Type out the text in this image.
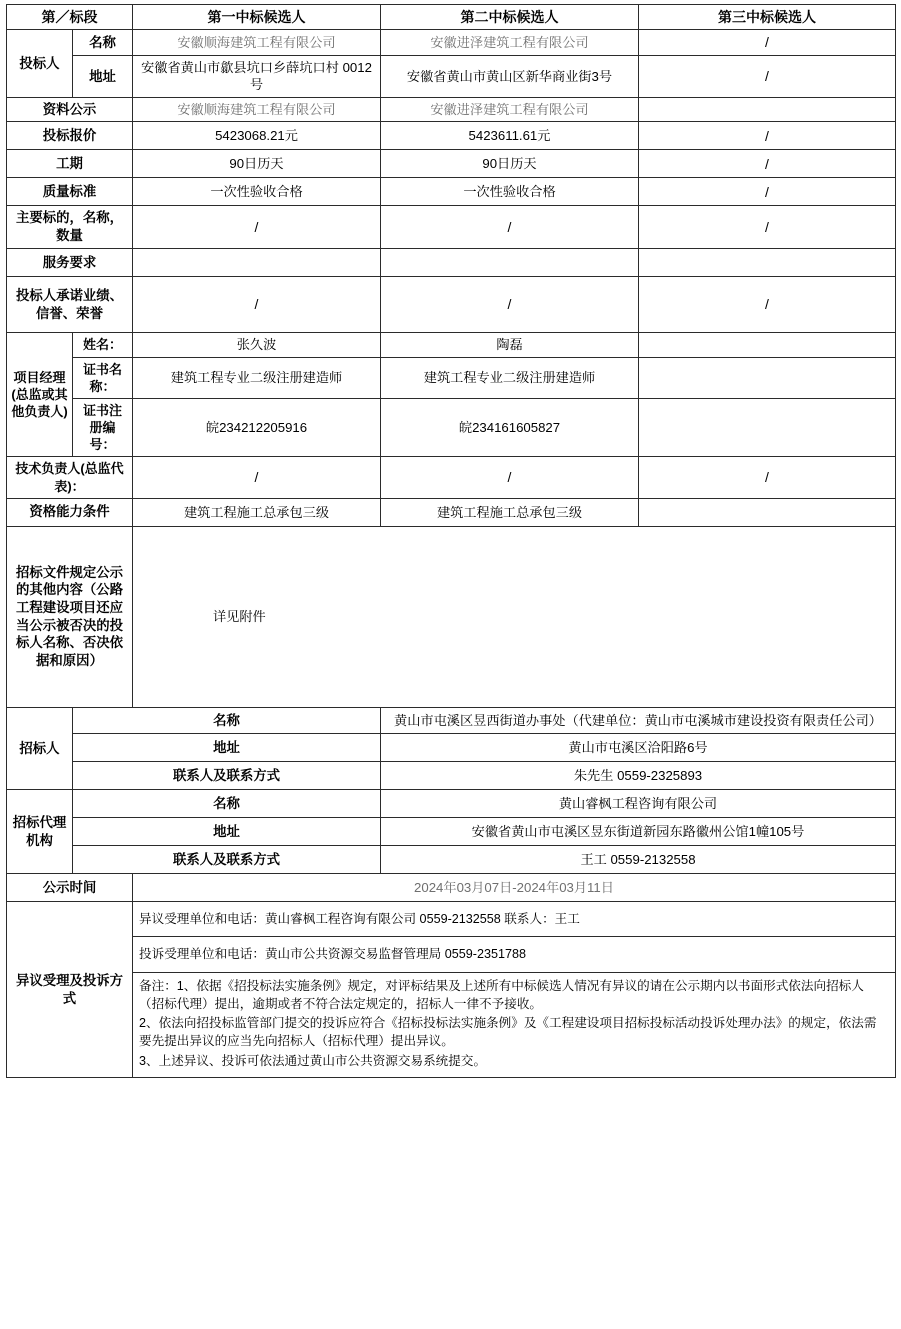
第／标段		第一中标候选人	第二中标候选人	第三中标候选人
投标人	名称	安徽顺海建筑工程有限公司	安徽进泽建筑工程有限公司	/
	地址	安徽省黄山市歙县坑口乡薛坑口村 0012 号	安徽省黄山市黄山区新华商业街3号	/
资料公示		安徽顺海建筑工程有限公司	安徽进泽建筑工程有限公司	
投标报价		5423068.21元	5423611.61元	/
工期		90日历天	90日历天	/
质量标准		一次性验收合格	一次性验收合格	/
主要标的，名称，数量		/	/	/
服务要求				
投标人承诺业绩、信誉、荣誉		/	/	/
项目经理(总监或其他负责人)	姓名：	张久波	陶磊	
	证书名称：	建筑工程专业二级注册建造师	建筑工程专业二级注册建造师	
	证书注册编号：	皖234212205916	皖234161605827	
技术负责人(总监代表)：		/	/	/
资格能力条件		建筑工程施工总承包三级	建筑工程施工总承包三级	
招标文件规定公示的其他内容（公路工程建设项目还应当公示被否决的投标人名称、否决依据和原因）		详见附件		
招标人	名称		黄山市屯溪区昱西街道办事处（代建单位：黄山市屯溪城市建设投资有限责任公司）	
	地址		黄山市屯溪区洽阳路6号	
	联系人及联系方式		朱先生 0559-2325893	
招标代理机构	名称		黄山睿枫工程咨询有限公司	
	地址		安徽省黄山市屯溪区昱东街道新园东路徽州公馆1幢105号	
	联系人及联系方式		王工 0559-2132558	
公示时间		2024年03月07日-2024年03月11日		
异议受理及投诉方式		异议受理单位和电话：黄山睿枫工程咨询有限公司 0559-2132558 联系人：王工
投诉受理单位和电话：黄山市公共资源交易监督管理局 0559-2351788

备注：1、依据《招投标法实施条例》规定，对评标结果及上述所有中标候选人情况有异议的请在公示期内以书面形式依法向招标人（招标代理）提出，逾期或者不符合法定规定的，招标人一律不予接收。

2、依法向招投标监管部门提交的投诉应符合《招标投标法实施条例》及《工程建设项目招标投标活动投诉处理办法》的规定，依法需要先提出异议的应当先向招标人（招标代理）提出异议。

3、上述异议、投诉可依法通过黄山市公共资源交易系统提交。		
